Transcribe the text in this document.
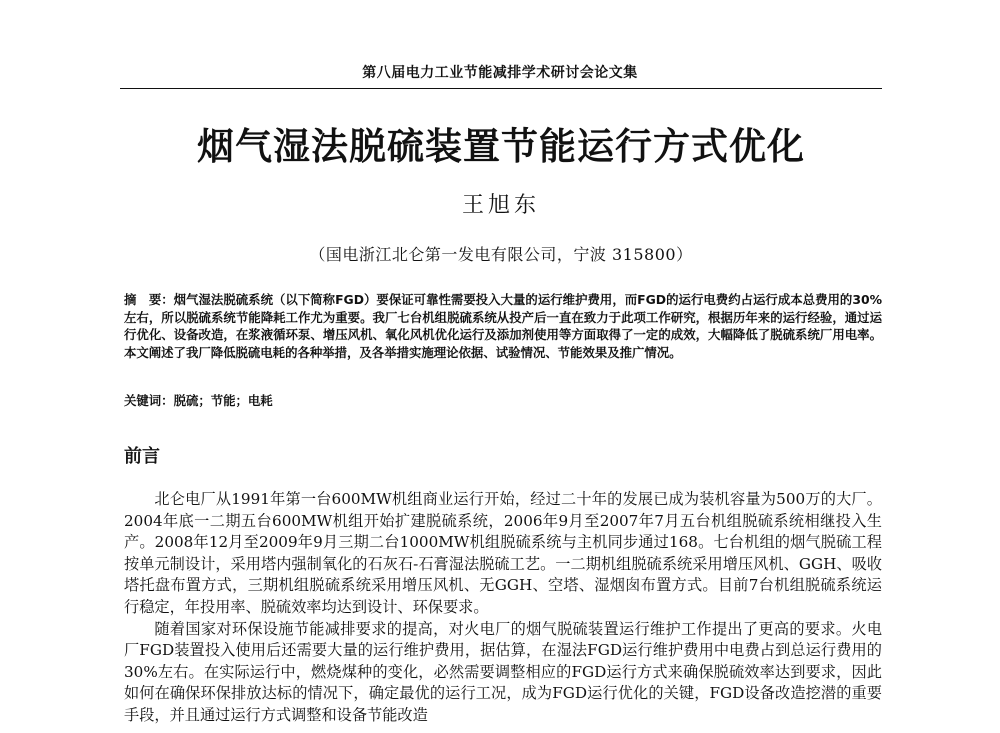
第八届电力工业节能减排学术研讨会论文集
烟气湿法脱硫装置节能运行方式优化
王旭东
（国电浙江北仑第一发电有限公司，宁波 315800）
摘　要：烟气湿法脱硫系统（以下简称FGD）要保证可靠性需要投入大量的运行维护费用，而FGD的运行电费约占运行成本总费用的30%左右，所以脱硫系统节能降耗工作尤为重要。我厂七台机组脱硫系统从投产后一直在致力于此项工作研究，根据历年来的运行经验，通过运行优化、设备改造，在浆液循环泵、增压风机、氧化风机优化运行及添加剂使用等方面取得了一定的成效，大幅降低了脱硫系统厂用电率。本文阐述了我厂降低脱硫电耗的各种举措，及各举措实施理论依据、试验情况、节能效果及推广情况。
关键词：脱硫；节能；电耗
前言

北仑电厂从1991年第一台600MW机组商业运行开始，经过二十年的发展已成为装机容量为500万的大厂。2004年底一二期五台600MW机组开始扩建脱硫系统，2006年9月至2007年7月五台机组脱硫系统相继投入生产。2008年12月至2009年9月三期二台1000MW机组脱硫系统与主机同步通过168。七台机组的烟气脱硫工程按单元制设计，采用塔内强制氧化的石灰石-石膏湿法脱硫工艺。一二期机组脱硫系统采用增压风机、GGH、吸收塔托盘布置方式，三期机组脱硫系统采用增压风机、无GGH、空塔、湿烟囱布置方式。目前7台机组脱硫系统运行稳定，年投用率、脱硫效率均达到设计、环保要求。

随着国家对环保设施节能减排要求的提高，对火电厂的烟气脱硫装置运行维护工作提出了更高的要求。火电厂FGD装置投入使用后还需要大量的运行维护费用，据估算，在湿法FGD运行维护费用中电费占到总运行费用的30%左右。在实际运行中，燃烧煤种的变化，必然需要调整相应的FGD运行方式来确保脱硫效率达到要求，因此如何在确保环保排放达标的情况下，确定最优的运行工况，成为FGD运行优化的关键，FGD设备改造挖潜的重要手段，并且通过运行方式调整和设备节能改造
